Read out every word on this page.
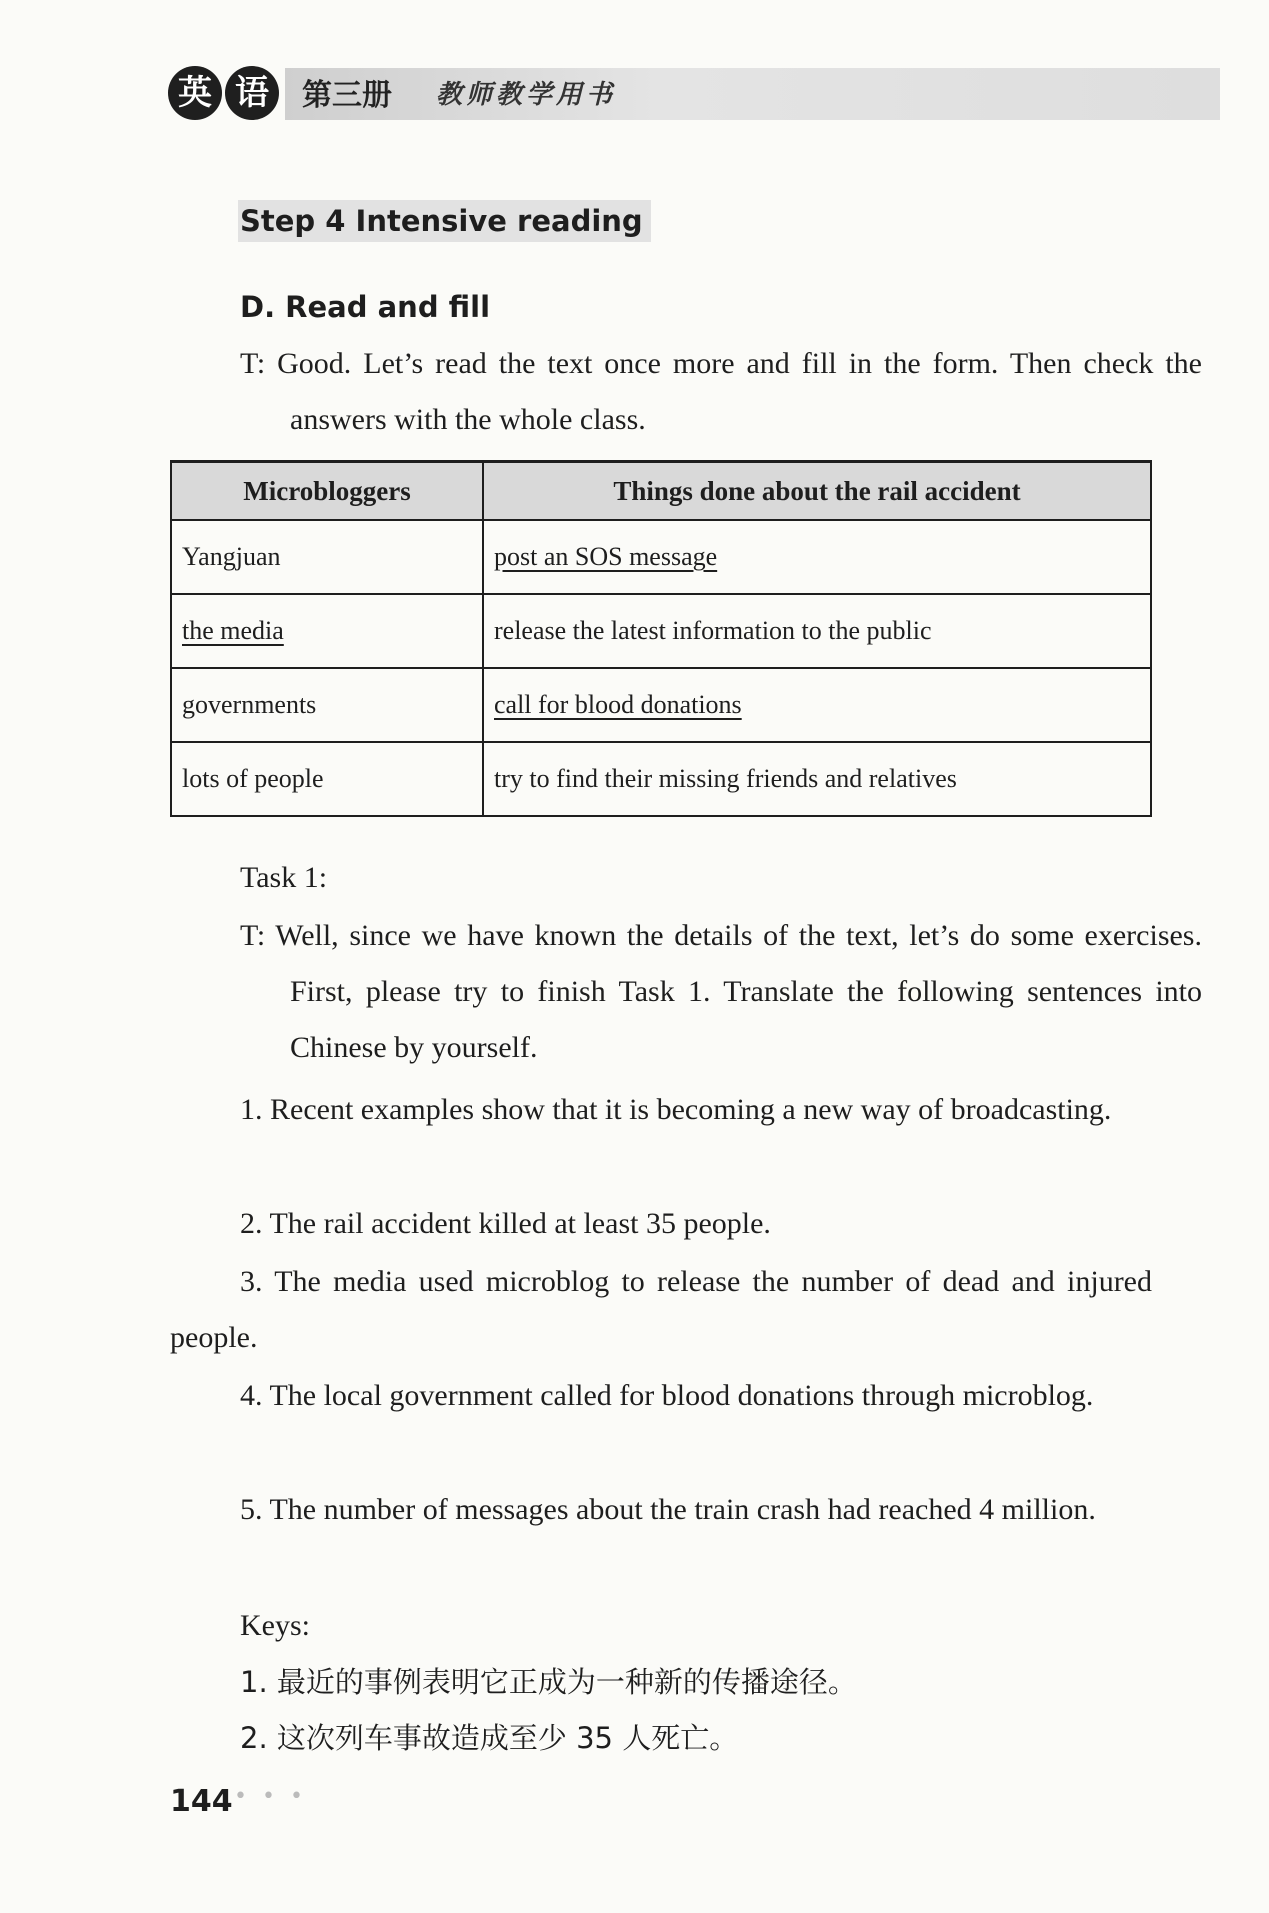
英 语	第三册 教师教学用书
Step 4 Intensive reading
D. Read and fill
T: Good. Let’s read the text once more and fill in the form. Then check the answers with the whole class.
Microbloggers	Things done about the rail accident
Yangjuan	post an SOS message
the media	release the latest information to the public
governments	call for blood donations
lots of people	try to find their missing friends and relatives
Task 1:
T: Well, since we have known the details of the text, let’s do some exercises. First, please try to finish Task 1. Translate the following sentences into Chinese by yourself.
1. Recent examples show that it is becoming a new way of broadcasting.
2. The rail accident killed at least 35 people.
3. The media used microblog to release the number of dead and injured people.
4. The local government called for blood donations through microblog.
5. The number of messages about the train crash had reached 4 million.
Keys:
1. 最近的事例表明它正成为一种新的传播途径。
2. 这次列车事故造成至少 35 人死亡。
144 • • •
